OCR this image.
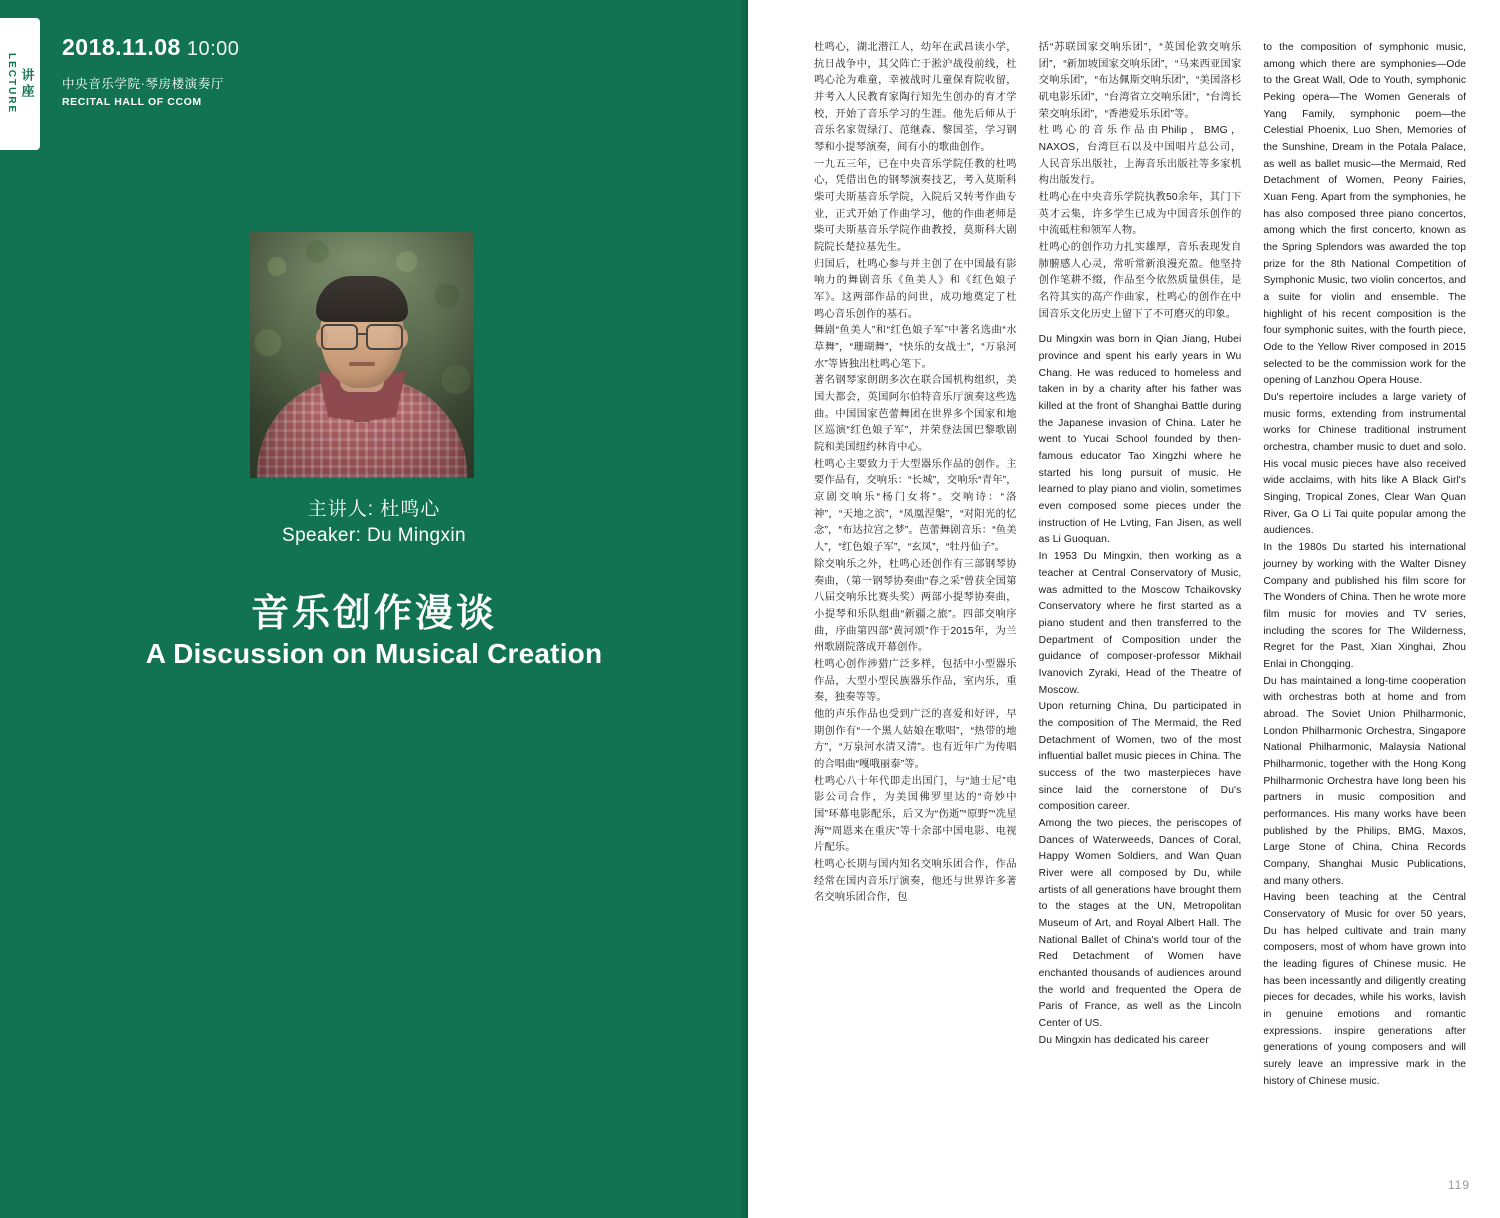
讲座
LECTURE
2018.11.08 10:00
中央音乐学院·琴房楼演奏厅
RECITAL HALL OF CCOM
主讲人: 杜鸣心
Speaker: Du Mingxin
音乐创作漫谈
A Discussion on Musical Creation

杜鸣心，湖北潜江人，幼年在武昌读小学，抗日战争中，其父阵亡于淞沪战役前线，杜鸣心沦为难童，幸被战时儿童保育院收留，并考入人民教育家陶行知先生创办的育才学校，开始了音乐学习的生涯。他先后师从于音乐名家贺绿汀、范继森、黎国荃，学习钢琴和小提琴演奏，间有小的歌曲创作。

一九五三年，已在中央音乐学院任教的杜鸣心，凭借出色的钢琴演奏技艺，考入莫斯科柴可夫斯基音乐学院，入院后又转考作曲专业，正式开始了作曲学习，他的作曲老师是柴可夫斯基音乐学院作曲教授，莫斯科大剧院院长楚拉基先生。

归国后，杜鸣心参与并主创了在中国最有影响力的舞剧音乐《鱼美人》和《红色娘子军》。这两部作品的问世，成功地奠定了杜鸣心音乐创作的基石。

舞剧“鱼美人”和“红色娘子军”中著名选曲“水草舞”，“珊瑚舞”，“快乐的女战士”，“万泉河水”等皆独出杜鸣心笔下。

著名钢琴家朗朗多次在联合国机构组织，美国大都会，英国阿尔伯特音乐厅演奏这些选曲。中国国家芭蕾舞团在世界多个国家和地区巡演“红色娘子军”，并荣登法国巴黎歌剧院和美国纽约林肯中心。

杜鸣心主要致力于大型器乐作品的创作。主要作品有，交响乐：“长城”，交响乐“青年”，京剧交响乐“杨门女将”。交响诗：“洛神”，“天地之滨”，“凤凰涅槃”，“对阳光的忆念”，“布达拉宫之梦”。芭蕾舞剧音乐：“鱼美人”，“红色娘子军”，“玄凤”，“牡丹仙子”。

除交响乐之外，杜鸣心还创作有三部钢琴协奏曲，（第一钢琴协奏曲“春之采”曾获全国第八届交响乐比赛头奖）两部小提琴协奏曲，小提琴和乐队组曲“新疆之旅”。四部交响序曲，序曲第四部“黄河颂”作于2015年，为兰州歌剧院落成开幕创作。

杜鸣心创作涉猎广泛多样，包括中小型器乐作品，大型小型民族器乐作品，室内乐，重奏，独奏等等。

他的声乐作品也受到广泛的喜爱和好评，早期创作有“一个黑人姑娘在歌唱”，“热带的地方”，“万泉河水清又清”。也有近年广为传唱的合唱曲“嘎哦丽泰”等。

杜鸣心八十年代即走出国门，与“迪士尼”电影公司合作，为美国佛罗里达的“奇妙中国”环幕电影配乐，后又为“伤逝”“原野”“冼星海”“周恩来在重庆”等十余部中国电影、电视片配乐。

杜鸣心长期与国内知名交响乐团合作，作品经常在国内音乐厅演奏，他还与世界许多著名交响乐团合作，包

括“苏联国家交响乐团”，“英国伦敦交响乐团”，“新加坡国家交响乐团”，“马来西亚国家交响乐团”，“布达佩斯交响乐团”，“美国洛杉矶电影乐团”，“台湾省立交响乐团”，“台湾长荣交响乐团”，“香港爱乐乐团”等。

杜鸣心的音乐作品由Philip，BMG，NAXOS，台湾巨石以及中国唱片总公司，人民音乐出版社，上海音乐出版社等多家机构出版发行。

杜鸣心在中央音乐学院执教50余年，其门下英才云集，许多学生已成为中国音乐创作的中流砥柱和领军人物。

杜鸣心的创作功力扎实雄厚，音乐表现发自肺腑感人心灵，常听常新浪漫充盈。他坚持创作笔耕不缀，作品至今依然质量俱佳，是名符其实的高产作曲家，杜鸣心的创作在中国音乐文化历史上留下了不可磨灭的印象。

Du Mingxin was born in Qian Jiang, Hubei province and spent his early years in Wu Chang. He was reduced to homeless and taken in by a charity after his father was killed at the front of Shanghai Battle during the Japanese invasion of China. Later he went to Yucai School founded by then-famous educator Tao Xingzhi where he started his long pursuit of music. He learned to play piano and violin, sometimes even composed some pieces under the instruction of He Lvting, Fan Jisen, as well as Li Guoquan.

In 1953 Du Mingxin, then working as a teacher at Central Conservatory of Music, was admitted to the Moscow Tchaikovsky Conservatory where he first started as a piano student and then transferred to the Department of Composition under the guidance of composer-professor Mikhail Ivanovich Zyraki, Head of the Theatre of Moscow.

Upon returning China, Du participated in the composition of The Mermaid, the Red Detachment of Women, two of the most influential ballet music pieces in China. The success of the two masterpieces have since laid the cornerstone of Du's composition career.

Among the two pieces, the periscopes of Dances of Waterweeds, Dances of Coral, Happy Women Soldiers, and Wan Quan River were all composed by Du, while artists of all generations have brought them to the stages at the UN, Metropolitan Museum of Art, and Royal Albert Hall. The National Ballet of China's world tour of the Red Detachment of Women have enchanted thousands of audiences around the world and frequented the Opera de Paris of France, as well as the Lincoln Center of US.

Du Mingxin has dedicated his career

to the composition of symphonic music, among which there are symphonies—Ode to the Great Wall, Ode to Youth, symphonic Peking opera—The Women Generals of Yang Family, symphonic poem—the Celestial Phoenix, Luo Shen, Memories of the Sunshine, Dream in the Potala Palace, as well as ballet music—the Mermaid, Red Detachment of Women, Peony Fairies, Xuan Feng. Apart from the symphonies, he has also composed three piano concertos, among which the first concerto, known as the Spring Splendors was awarded the top prize for the 8th National Competition of Symphonic Music, two violin concertos, and a suite for violin and ensemble. The highlight of his recent composition is the four symphonic suites, with the fourth piece, Ode to the Yellow River composed in 2015 selected to be the commission work for the opening of Lanzhou Opera House.

Du's repertoire includes a large variety of music forms, extending from instrumental works for Chinese traditional instrument orchestra, chamber music to duet and solo. His vocal music pieces have also received wide acclaims, with hits like A Black Girl's Singing, Tropical Zones, Clear Wan Quan River, Ga O Li Tai quite popular among the audiences.

In the 1980s Du started his international journey by working with the Walter Disney Company and published his film score for The Wonders of China. Then he wrote more film music for movies and TV series, including the scores for The Wilderness, Regret for the Past, Xian Xinghai, Zhou Enlai in Chongqing.

Du has maintained a long-time cooperation with orchestras both at home and from abroad. The Soviet Union Philharmonic, London Philharmonic Orchestra, Singapore National Philharmonic, Malaysia National Philharmonic, together with the Hong Kong Philharmonic Orchestra have long been his partners in music composition and performances. His many works have been published by the Philips, BMG, Maxos, Large Stone of China, China Records Company, Shanghai Music Publications, and many others.

Having been teaching at the Central Conservatory of Music for over 50 years, Du has helped cultivate and train many composers, most of whom have grown into the leading figures of Chinese music. He has been incessantly and diligently creating pieces for decades, while his works, lavish in genuine emotions and romantic expressions. inspire generations after generations of young composers and will surely leave an impressive mark in the history of Chinese music.

119
